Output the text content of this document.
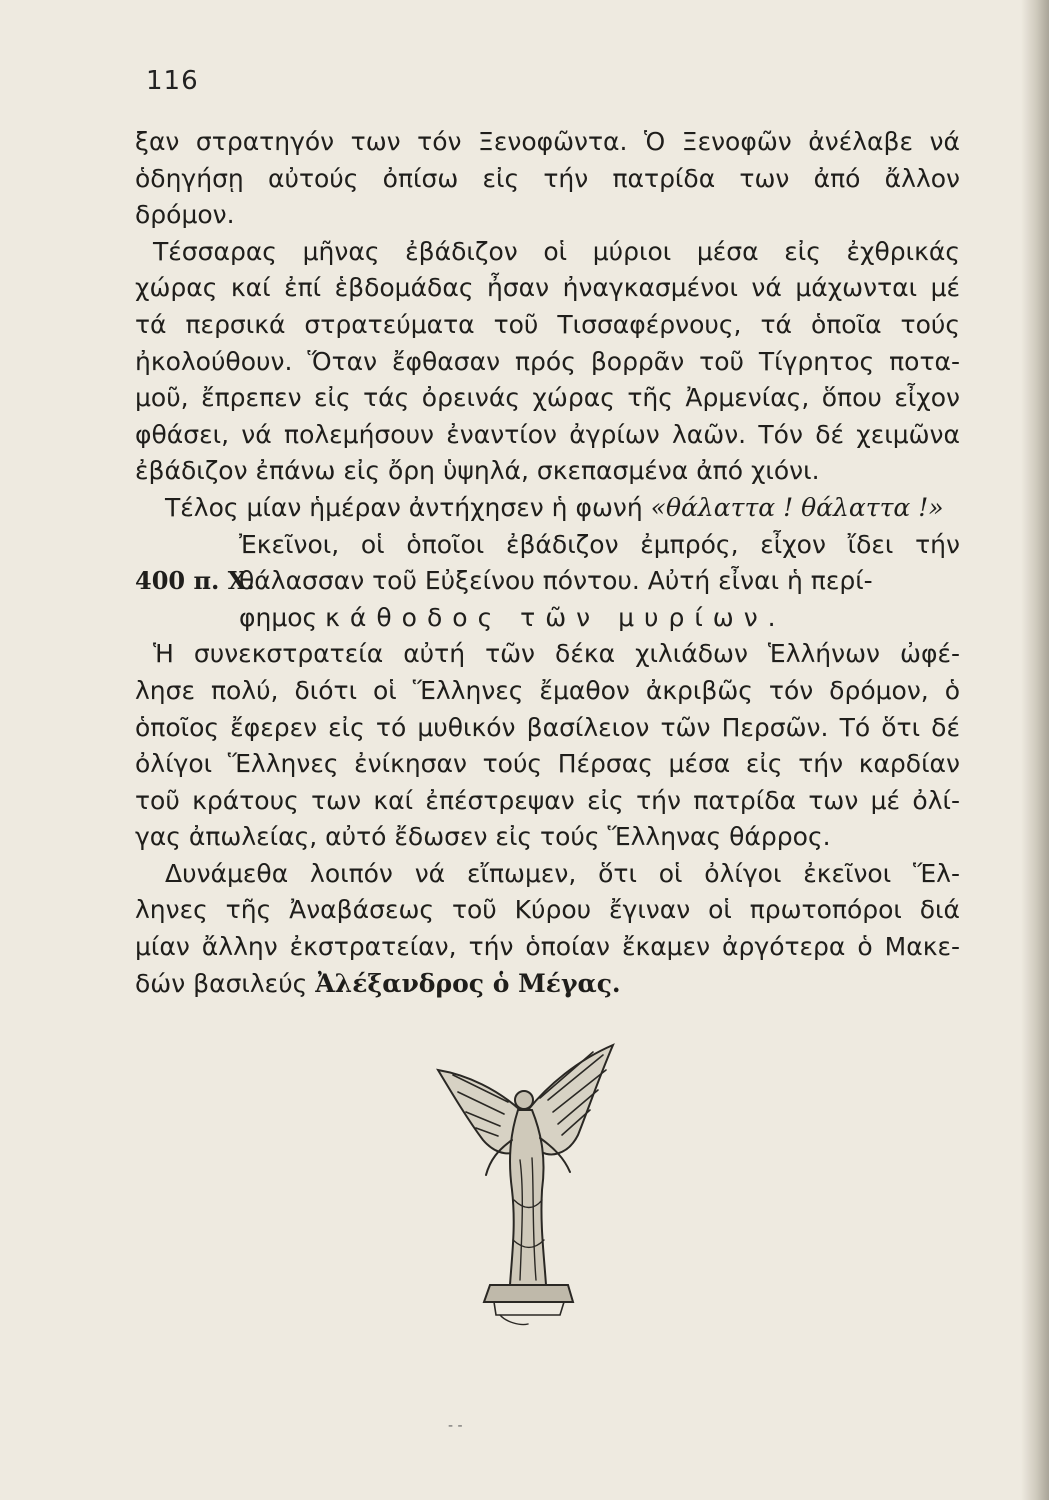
116
ξαν στρατηγόν των τόν Ξενοφῶντα. Ὁ Ξενοφῶν ἀνέλαβε νά
ὁδηγήσῃ αὐτούς ὀπίσω εἰς τήν πατρίδα των ἀπό ἄλλον
δρόμον.
Τέσσαρας μῆνας ἐβάδιζον οἱ μύριοι μέσα εἰς ἐχθρικάς
χώρας καί ἐπί ἑβδομάδας ἦσαν ἠναγκασμένοι νά μάχωνται μέ
τά περσικά στρατεύματα τοῦ Τισσαφέρνους, τά ὁποῖα τούς
ἠκολούθουν. Ὅταν ἔφθασαν πρός βορρᾶν τοῦ Τίγρητος ποτα-
μοῦ, ἔπρεπεν εἰς τάς ὀρεινάς χώρας τῆς Ἀρμενίας, ὅπου εἶχον
φθάσει, νά πολεμήσουν ἐναντίον ἀγρίων λαῶν. Τόν δέ χειμῶνα
ἐβάδιζον ἐπάνω εἰς ὄρη ὑψηλά, σκεπασμένα ἀπό χιόνι.
Τέλος μίαν ἡμέραν ἀντήχησεν ἡ φωνή «θάλαττα ! θάλαττα !»
Ἐκεῖνοι, οἱ ὁποῖοι ἐβάδιζον ἐμπρός, εἶχον ἴδει τήν
400 π. Χ.θάλασσαν τοῦ Εὐξείνου πόντου. Αὐτή εἶναι ἡ περί-
φημος κάθοδος τῶν μυρίων.
Ἡ συνεκστρατεία αὐτή τῶν δέκα χιλιάδων Ἑλλήνων ὠφέ-
λησε πολύ, διότι οἱ Ἕλληνες ἔμαθον ἀκριβῶς τόν δρόμον, ὁ
ὁποῖος ἔφερεν εἰς τό μυθικόν βασίλειον τῶν Περσῶν. Τό ὅτι δέ
ὀλίγοι Ἕλληνες ἐνίκησαν τούς Πέρσας μέσα εἰς τήν καρδίαν
τοῦ κράτους των καί ἐπέστρεψαν εἰς τήν πατρίδα των μέ ὀλί-
γας ἀπωλείας, αὐτό ἔδωσεν εἰς τούς Ἕλληνας θάρρος.
Δυνάμεθα λοιπόν νά εἴπωμεν, ὅτι οἱ ὀλίγοι ἐκεῖνοι Ἕλ-
ληνες τῆς Ἀναβάσεως τοῦ Κύρου ἔγιναν οἱ πρωτοπόροι διά
μίαν ἄλλην ἐκστρατείαν, τήν ὁποίαν ἔκαμεν ἀργότερα ὁ Μακε-
δών βασιλεύς Ἀλέξανδρος ὁ Μέγας.
- -
